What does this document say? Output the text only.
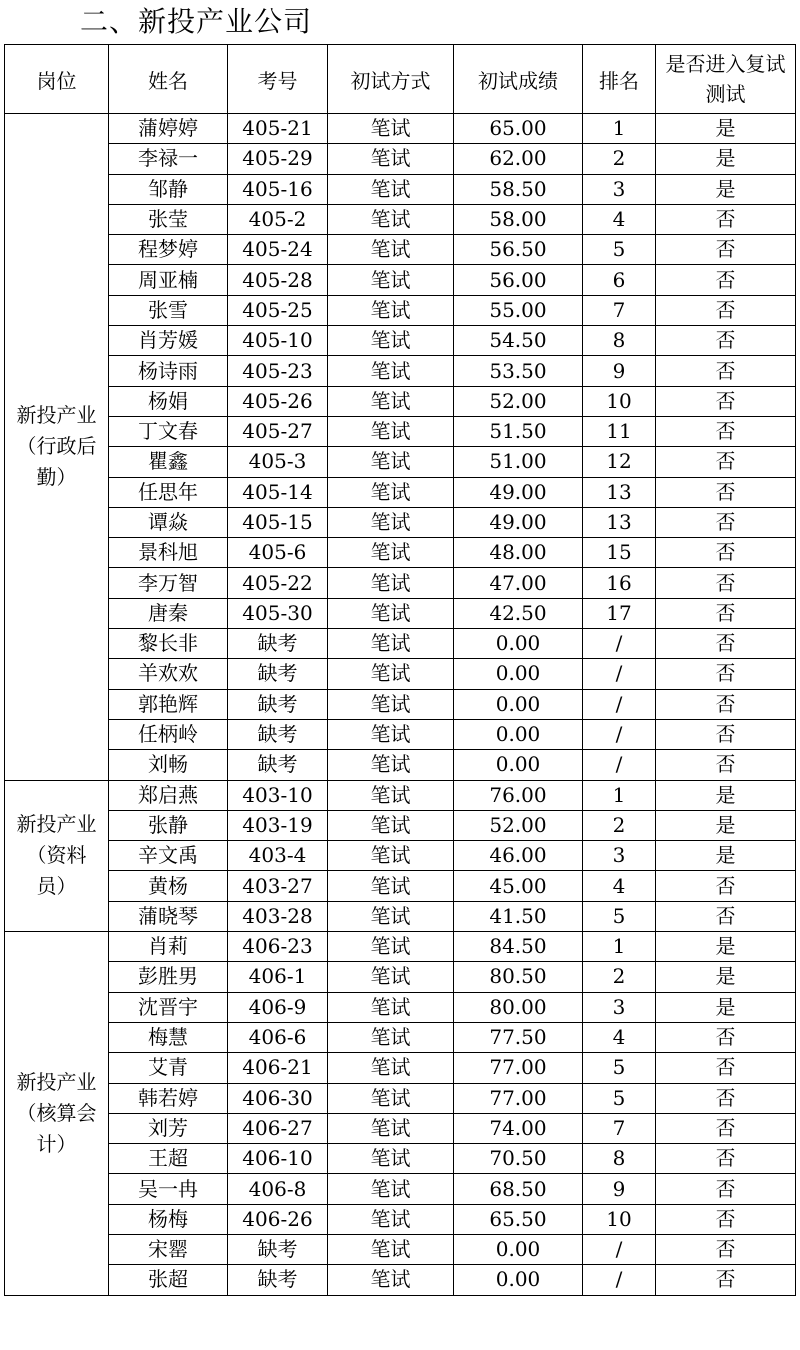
二、新投产业公司
岗位	姓名	考号	初试方式	初试成绩	排名	是否进入复试测试
新投产业（行政后勤）	蒲婷婷	405-21	笔试	65.00	1	是
	李禄一	405-29	笔试	62.00	2	是
	邹静	405-16	笔试	58.50	3	是
	张莹	405-2	笔试	58.00	4	否
	程梦婷	405-24	笔试	56.50	5	否
	周亚楠	405-28	笔试	56.00	6	否
	张雪	405-25	笔试	55.00	7	否
	肖芳媛	405-10	笔试	54.50	8	否
	杨诗雨	405-23	笔试	53.50	9	否
	杨娟	405-26	笔试	52.00	10	否
	丁文春	405-27	笔试	51.50	11	否
	瞿鑫	405-3	笔试	51.00	12	否
	任思年	405-14	笔试	49.00	13	否
	谭焱	405-15	笔试	49.00	13	否
	景科旭	405-6	笔试	48.00	15	否
	李万智	405-22	笔试	47.00	16	否
	唐秦	405-30	笔试	42.50	17	否
	黎长非	缺考	笔试	0.00	/	否
	羊欢欢	缺考	笔试	0.00	/	否
	郭艳辉	缺考	笔试	0.00	/	否
	任柄岭	缺考	笔试	0.00	/	否
	刘畅	缺考	笔试	0.00	/	否
新投产业（资料员）	郑启燕	403-10	笔试	76.00	1	是
	张静	403-19	笔试	52.00	2	是
	辛文禹	403-4	笔试	46.00	3	是
	黄杨	403-27	笔试	45.00	4	否
	蒲晓琴	403-28	笔试	41.50	5	否
新投产业（核算会计）	肖莉	406-23	笔试	84.50	1	是
	彭胜男	406-1	笔试	80.50	2	是
	沈晋宇	406-9	笔试	80.00	3	是
	梅慧	406-6	笔试	77.50	4	否
	艾青	406-21	笔试	77.00	5	否
	韩若婷	406-30	笔试	77.00	5	否
	刘芳	406-27	笔试	74.00	7	否
	王超	406-10	笔试	70.50	8	否
	吴一冉	406-8	笔试	68.50	9	否
	杨梅	406-26	笔试	65.50	10	否
	宋罂	缺考	笔试	0.00	/	否
	张超	缺考	笔试	0.00	/	否
